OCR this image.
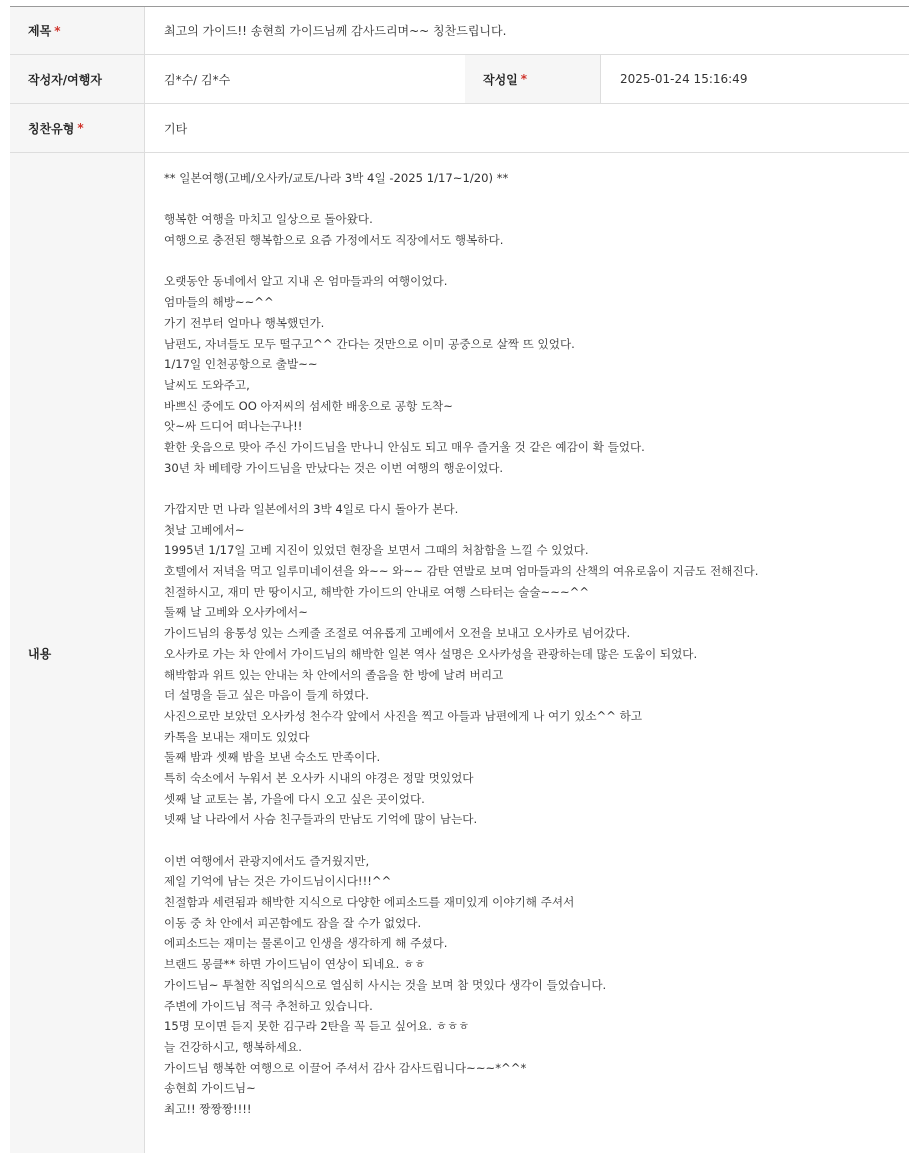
제목 *	최고의 가이드!! 송현희 가이드님께 감사드리며~~ 칭찬드립니다.
작성자/여행자	김*수/ 김*수	작성일 *	2025-01-24 15:16:49
칭찬유형 *	기타
내용
** 일본여행(고베/오사카/교토/나라 3박 4일 -2025 1/17~1/20) **
행복한 여행을 마치고 일상으로 돌아왔다.
여행으로 충전된 행복함으로 요즘 가정에서도 직장에서도 행복하다.
오랫동안 동네에서 알고 지내 온 엄마들과의 여행이었다.
엄마들의 해방~~^^
가기 전부터 얼마나 행복했던가.
남편도, 자녀들도 모두 떨구고^^ 간다는 것만으로 이미 공중으로 살짝 뜨 있었다.
1/17일 인천공항으로 출발~~
날씨도 도와주고,
바쁘신 중에도 OO 아저씨의 섬세한 배웅으로 공항 도착~
앗~싸 드디어 떠나는구나!!
환한 웃음으로 맞아 주신 가이드님을 만나니 안심도 되고 매우 즐거울 것 같은 예감이 확 들었다.
30년 차 베테랑 가이드님을 만났다는 것은 이번 여행의 행운이었다.
가깝지만 먼 나라 일본에서의 3박 4일로 다시 돌아가 본다.
첫날 고베에서~
1995년 1/17일 고베 지진이 있었던 현장을 보면서 그때의 처참함을 느낄 수 있었다.
호텔에서 저녁을 먹고 일루미네이션을 와~~ 와~~ 감탄 연발로 보며 엄마들과의 산책의 여유로움이 지금도 전해진다.
친절하시고, 재미 만 땅이시고, 해박한 가이드의 안내로 여행 스타터는 술술~~~^^
둘째 날 고베와 오사카에서~
가이드님의 융통성 있는 스케줄 조절로 여유롭게 고베에서 오전을 보내고 오사카로 넘어갔다.
오사카로 가는 차 안에서 가이드님의 해박한 일본 역사 설명은 오사카성을 관광하는데 많은 도움이 되었다.
해박함과 위트 있는 안내는 차 안에서의 졸음을 한 방에 날려 버리고
더 설명을 듣고 싶은 마음이 들게 하였다.
사진으로만 보았던 오사카성 천수각 앞에서 사진을 찍고 아들과 남편에게 나 여기 있소^^ 하고
카톡을 보내는 재미도 있었다
둘째 밤과 셋째 밤을 보낸 숙소도 만족이다.
특히 숙소에서 누워서 본 오사카 시내의 야경은 정말 멋있었다
셋째 날 교토는 봄, 가을에 다시 오고 싶은 곳이었다.
넷째 날 나라에서 사슴 친구들과의 만남도 기억에 많이 남는다.
이번 여행에서 관광지에서도 즐거웠지만,
제일 기억에 남는 것은 가이드님이시다!!!^^
친절함과 세련됨과 해박한 지식으로 다양한 에피소드를 재미있게 이야기해 주셔서
이동 중 차 안에서 피곤함에도 잠을 잘 수가 없었다.
에피소드는 재미는 물론이고 인생을 생각하게 해 주셨다.
브랜드 몽클** 하면 가이드님이 연상이 되네요. ㅎㅎ
가이드님~ 투철한 직업의식으로 열심히 사시는 것을 보며 참 멋있다 생각이 들었습니다.
주변에 가이드님 적극 추천하고 있습니다.
15명 모이면 듣지 못한 김구라 2탄을 꼭 듣고 싶어요. ㅎㅎㅎ
늘 건강하시고, 행복하세요.
가이드님 행복한 여행으로 이끌어 주셔서 감사 감사드립니다~~~*^^*
송현희 가이드님~
최고!! 짱짱짱!!!!
